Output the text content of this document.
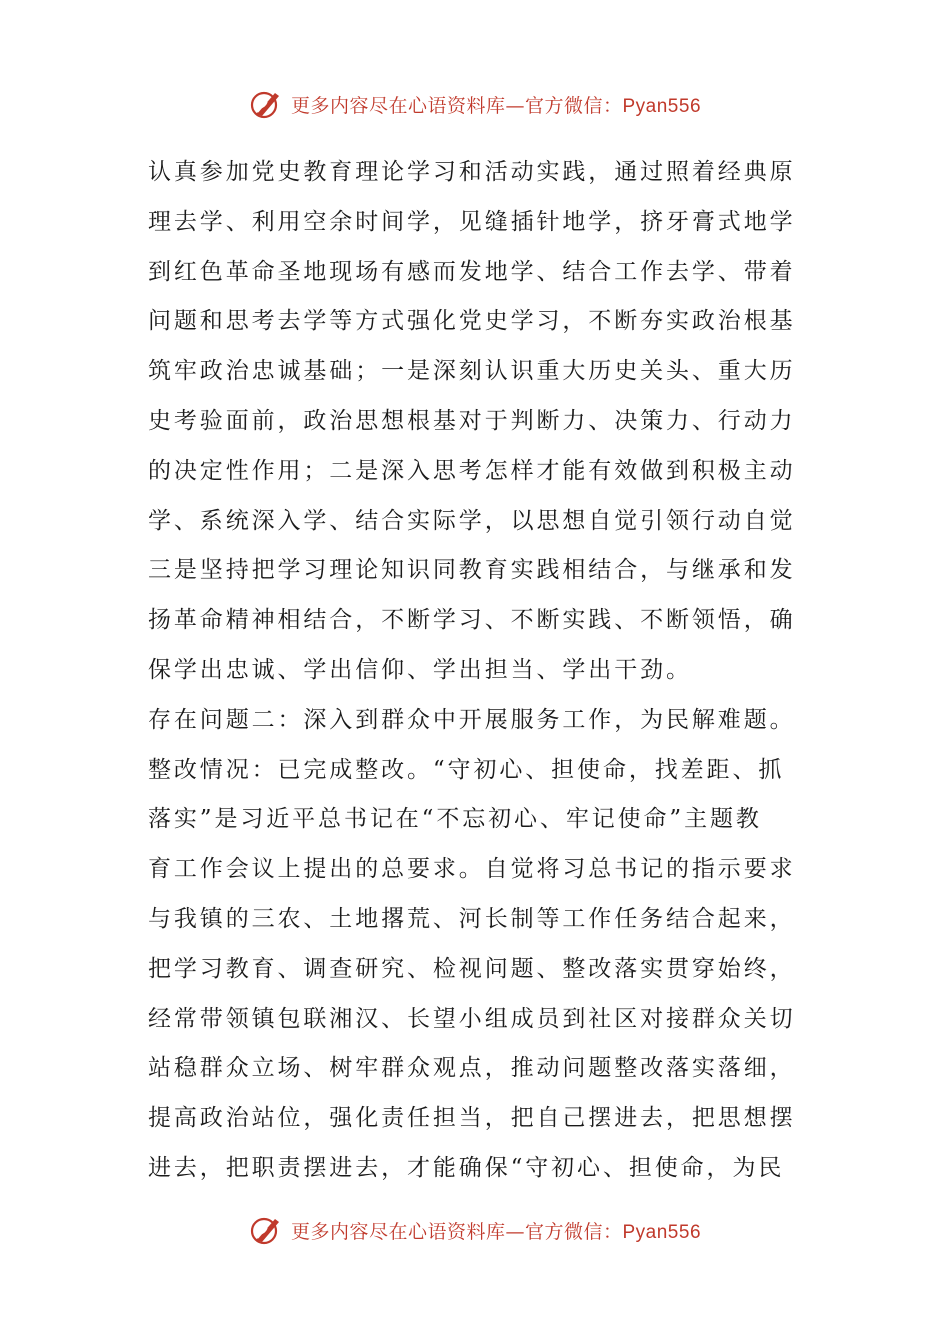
更多内容尽在心语资料库—官方微信：Pyan556
认真参加党史教育理论学习和活动实践，通过照着经典原
理去学、利用空余时间学，见缝插针地学，挤牙膏式地学
到红色革命圣地现场有感而发地学、结合工作去学、带着
问题和思考去学等方式强化党史学习，不断夯实政治根基
筑牢政治忠诚基础；一是深刻认识重大历史关头、重大历
史考验面前，政治思想根基对于判断力、决策力、行动力
的决定性作用；二是深入思考怎样才能有效做到积极主动
学、系统深入学、结合实际学，以思想自觉引领行动自觉
三是坚持把学习理论知识同教育实践相结合，与继承和发
扬革命精神相结合，不断学习、不断实践、不断领悟，确
保学出忠诚、学出信仰、学出担当、学出干劲。
存在问题二：深入到群众中开展服务工作，为民解难题。
整改情况：已完成整改。“守初心、担使命，找差距、抓
落实”是习近平总书记在“不忘初心、牢记使命”主题教
育工作会议上提出的总要求。自觉将习总书记的指示要求
与我镇的三农、土地撂荒、河长制等工作任务结合起来，
把学习教育、调查研究、检视问题、整改落实贯穿始终，
经常带领镇包联湘汉、长望小组成员到社区对接群众关切
站稳群众立场、树牢群众观点，推动问题整改落实落细，
提高政治站位，强化责任担当，把自己摆进去，把思想摆
进去，把职责摆进去，才能确保“守初心、担使命，为民
更多内容尽在心语资料库—官方微信：Pyan556
